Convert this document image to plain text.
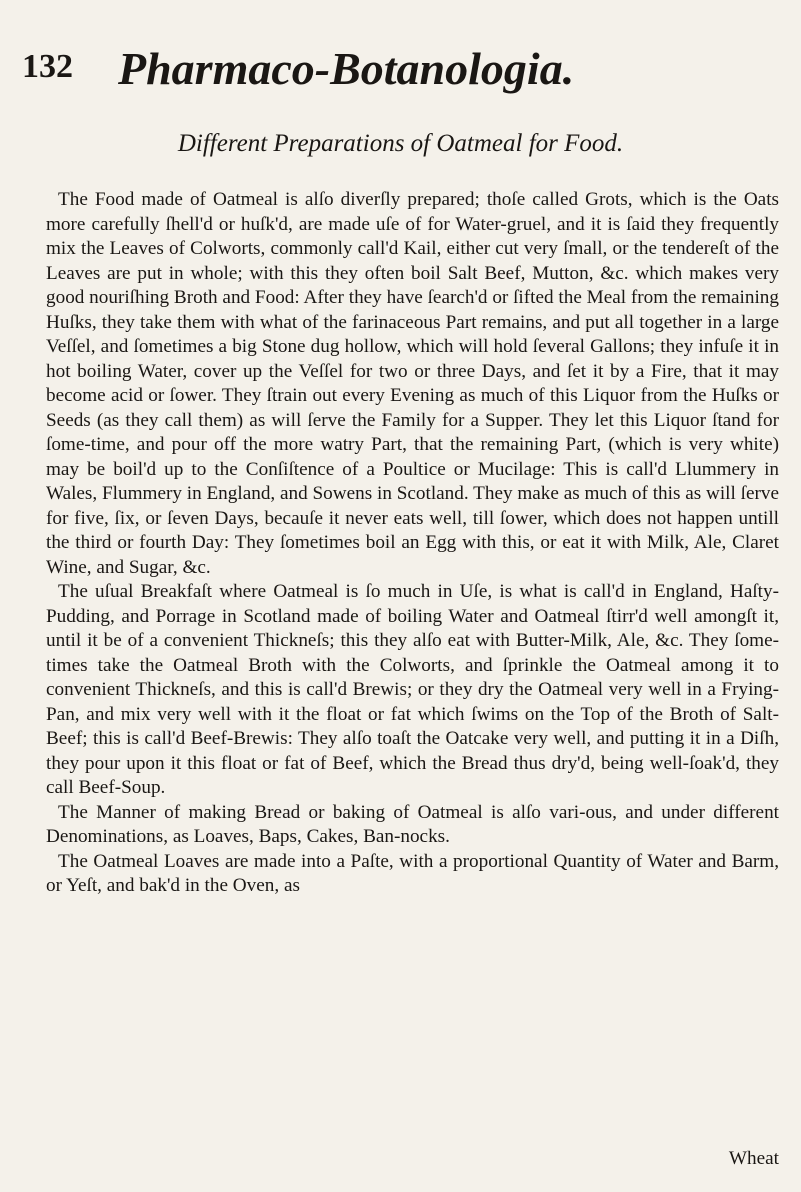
132 Pharmaco-Botanologia.
Different Preparations of Oatmeal for Food.

The Food made of Oatmeal is alſo diverſly prepared; thoſe called Grots, which is the Oats more carefully ſhell'd or huſk'd, are made uſe of for Water-gruel, and it is ſaid they frequently mix the Leaves of Colworts, commonly call'd Kail, either cut very ſmall, or the tendereſt of the Leaves are put in whole; with this they often boil Salt Beef, Mutton, &c. which makes very good nouriſhing Broth and Food: After they have ſearch'd or ſifted the Meal from the remaining Huſks, they take them with what of the farinaceous Part remains, and put all together in a large Veſſel, and ſometimes a big Stone dug hollow, which will hold ſeveral Gallons; they infuſe it in hot boiling Water, cover up the Veſſel for two or three Days, and ſet it by a Fire, that it may become acid or ſower. They ſtrain out every Evening as much of this Liquor from the Huſks or Seeds (as they call them) as will ſerve the Family for a Supper. They let this Liquor ſtand for ſome-time, and pour off the more watry Part, that the remaining Part, (which is very white) may be boil'd up to the Conſiſtence of a Poultice or Mucilage: This is call'd Llummery in Wales, Flummery in England, and Sowens in Scotland. They make as much of this as will ſerve for five, ſix, or ſeven Days, becauſe it never eats well, till ſower, which does not happen untill the third or fourth Day: They ſometimes boil an Egg with this, or eat it with Milk, Ale, Claret Wine, and Sugar, &c.

The uſual Breakfaſt where Oatmeal is ſo much in Uſe, is what is call'd in England, Haſty-Pudding, and Porrage in Scotland made of boiling Water and Oatmeal ſtirr'd well amongſt it, until it be of a convenient Thickneſs; this they alſo eat with Butter-Milk, Ale, &c. They ſome-times take the Oatmeal Broth with the Colworts, and ſprinkle the Oatmeal among it to convenient Thickneſs, and this is call'd Brewis; or they dry the Oatmeal very well in a Frying-Pan, and mix very well with it the float or fat which ſwims on the Top of the Broth of Salt-Beef; this is call'd Beef-Brewis: They alſo toaſt the Oatcake very well, and putting it in a Diſh, they pour upon it this float or fat of Beef, which the Bread thus dry'd, being well-ſoak'd, they call Beef-Soup.

The Manner of making Bread or baking of Oatmeal is alſo vari-ous, and under different Denominations, as Loaves, Baps, Cakes, Ban-nocks.

The Oatmeal Loaves are made into a Paſte, with a proportional Quantity of Water and Barm, or Yeſt, and bak'd in the Oven, as

Wheat
